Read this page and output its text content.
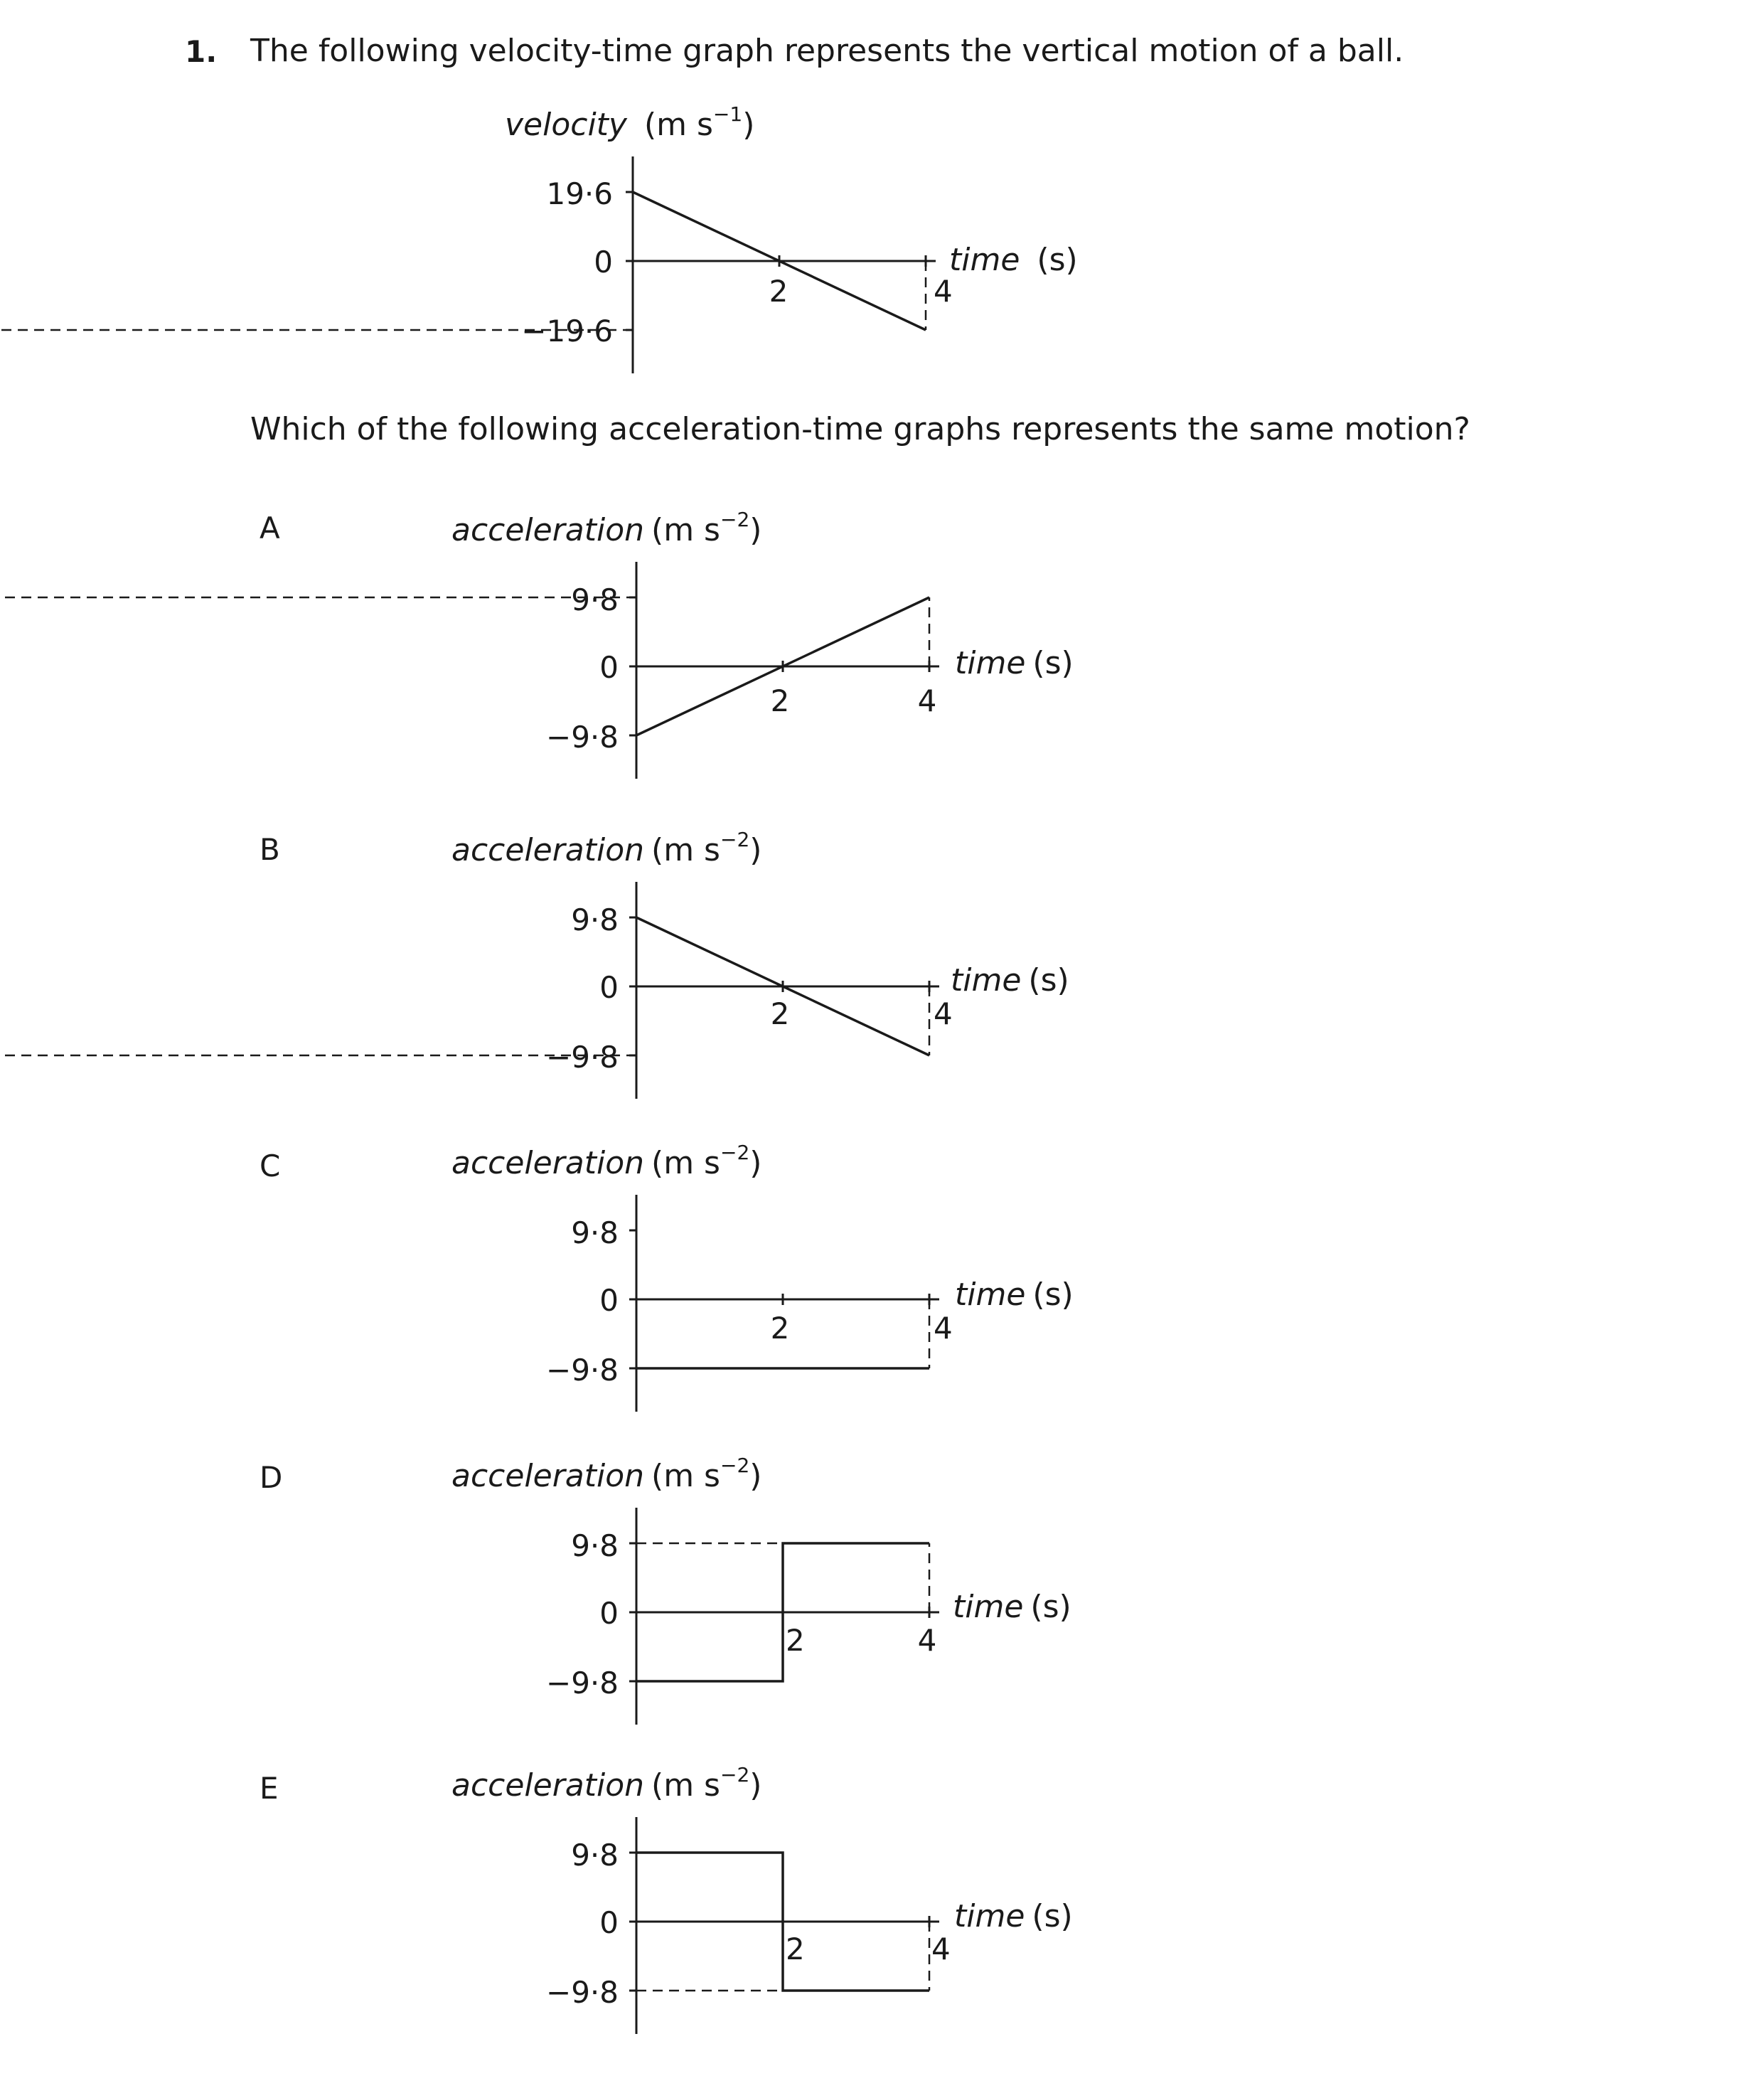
1. The following velocity-time graph represents the vertical motion of a ball.
Which of the following acceleration-time graphs represents the same motion?
velocity (m $s^{-1}$)
time (s)
19·6
0
−19·6
2	4
A	acceleration (m $s^{-2}$)
time (s)
9·8
0
−9·8
2	4
B	acceleration (m $s^{-2}$)
time (s)
9·8
0
−9·8
2	4
C	acceleration (m $s^{-2}$)
time (s)
9·8
0
−9·8
2	4
D	acceleration (m $s^{-2}$)
time (s)
9·8
0
−9·8
2	4
E	acceleration (m $s^{-2}$)
time (s)
9·8
0
−9·8
2	4
